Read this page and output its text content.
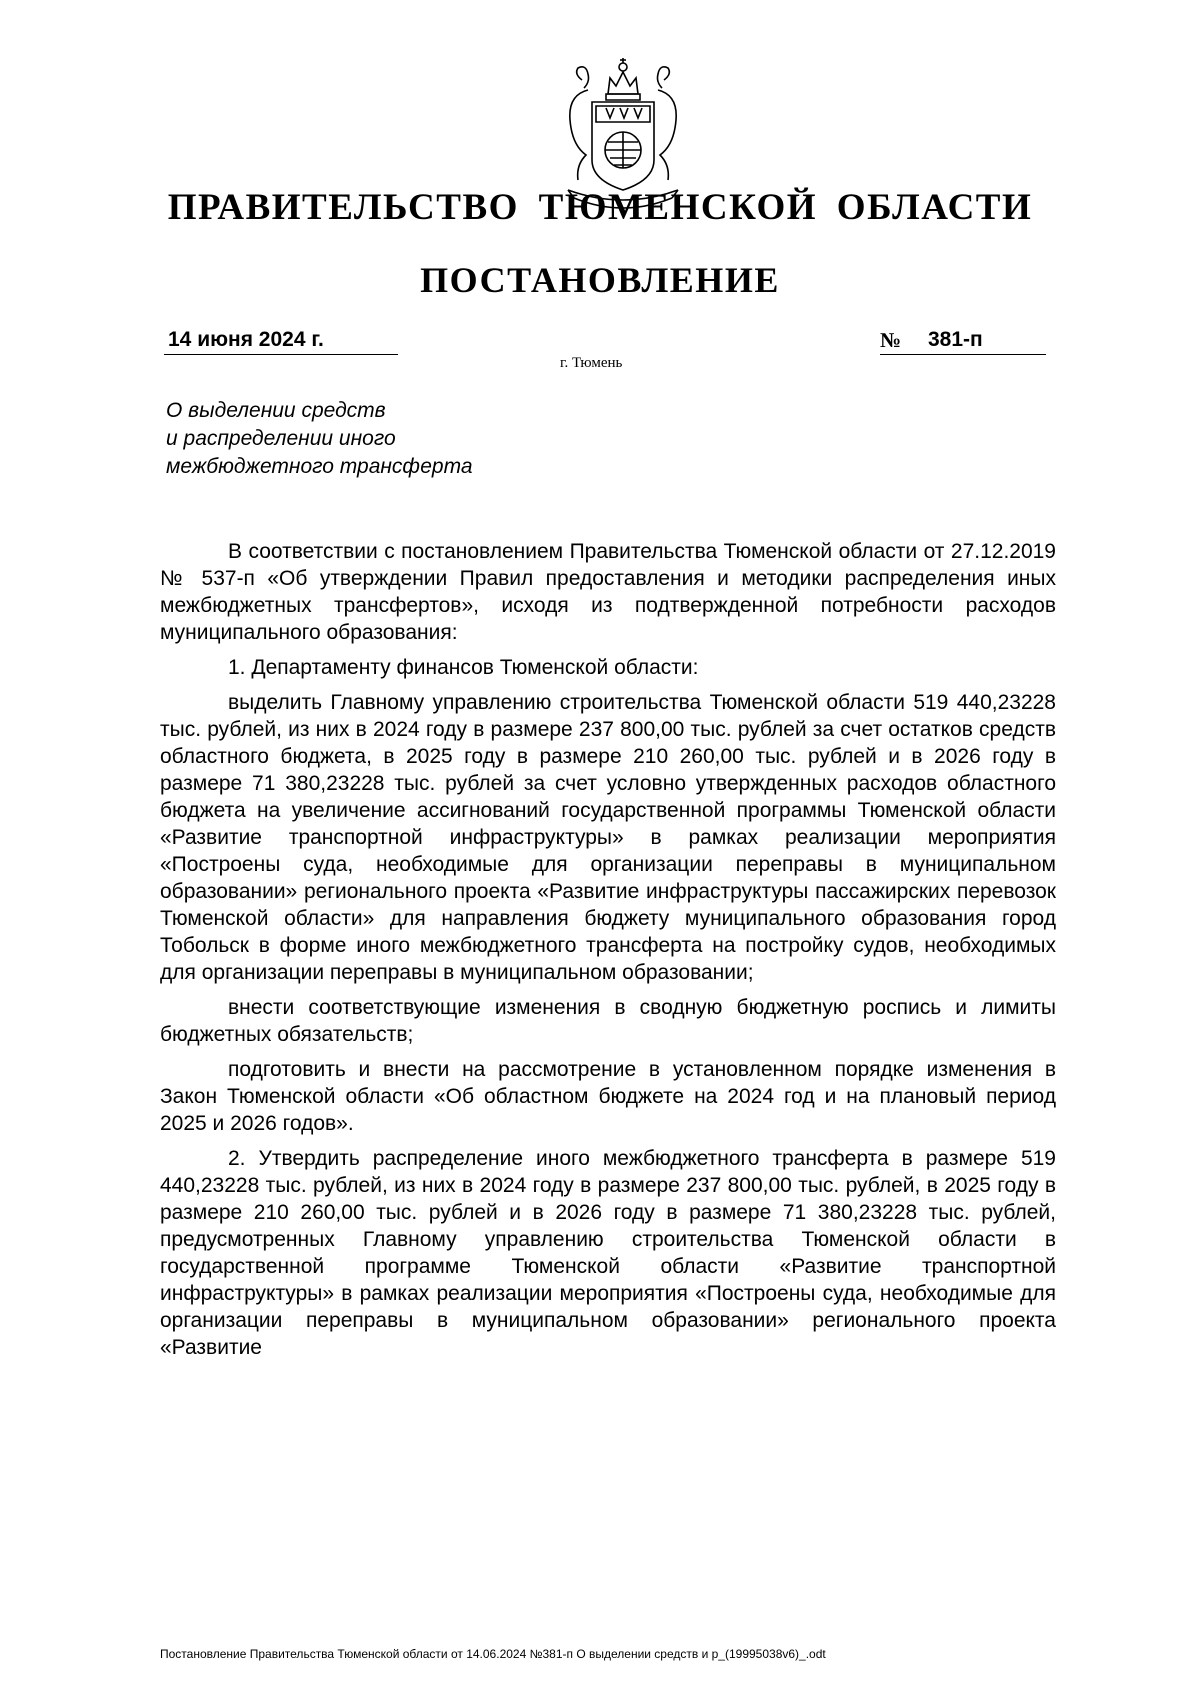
ПРАВИТЕЛЬСТВО ТЮМЕНСКОЙ ОБЛАСТИ
ПОСТАНОВЛЕНИЕ
14 июня 2024 г.	№ 381-п
г. Тюмень
О выделении средств
и распределении иного
межбюджетного трансферта

В соответствии с постановлением Правительства Тюменской области от 27.12.2019 № 537-п «Об утверждении Правил предоставления и методики распределения иных межбюджетных трансфертов», исходя из подтвержденной потребности расходов муниципального образования:

1. Департаменту финансов Тюменской области:

выделить Главному управлению строительства Тюменской области 519 440,23228 тыс. рублей, из них в 2024 году в размере 237 800,00 тыс. рублей за счет остатков средств областного бюджета, в 2025 году в размере 210 260,00 тыс. рублей и в 2026 году в размере 71 380,23228 тыс. рублей за счет условно утвержденных расходов областного бюджета на увеличение ассигнований государственной программы Тюменской области «Развитие транспортной инфраструктуры» в рамках реализации мероприятия «Построены суда, необходимые для организации переправы в муниципальном образовании» регионального проекта «Развитие инфраструктуры пассажирских перевозок Тюменской области» для направления бюджету муниципального образования город Тобольск в форме иного межбюджетного трансферта на постройку судов, необходимых для организации переправы в муниципальном образовании;

внести соответствующие изменения в сводную бюджетную роспись и лимиты бюджетных обязательств;

подготовить и внести на рассмотрение в установленном порядке изменения в Закон Тюменской области «Об областном бюджете на 2024 год и на плановый период 2025 и 2026 годов».

2. Утвердить распределение иного межбюджетного трансферта в размере 519 440,23228 тыс. рублей, из них в 2024 году в размере 237 800,00 тыс. рублей, в 2025 году в размере 210 260,00 тыс. рублей и в 2026 году в размере 71 380,23228 тыс. рублей, предусмотренных Главному управлению строительства Тюменской области в государственной программе Тюменской области «Развитие транспортной инфраструктуры» в рамках реализации мероприятия «Построены суда, необходимые для организации переправы в муниципальном образовании» регионального проекта «Развитие

Постановление Правительства Тюменской области от 14.06.2024 №381-п О выделении средств и р_(19995038v6)_.odt
